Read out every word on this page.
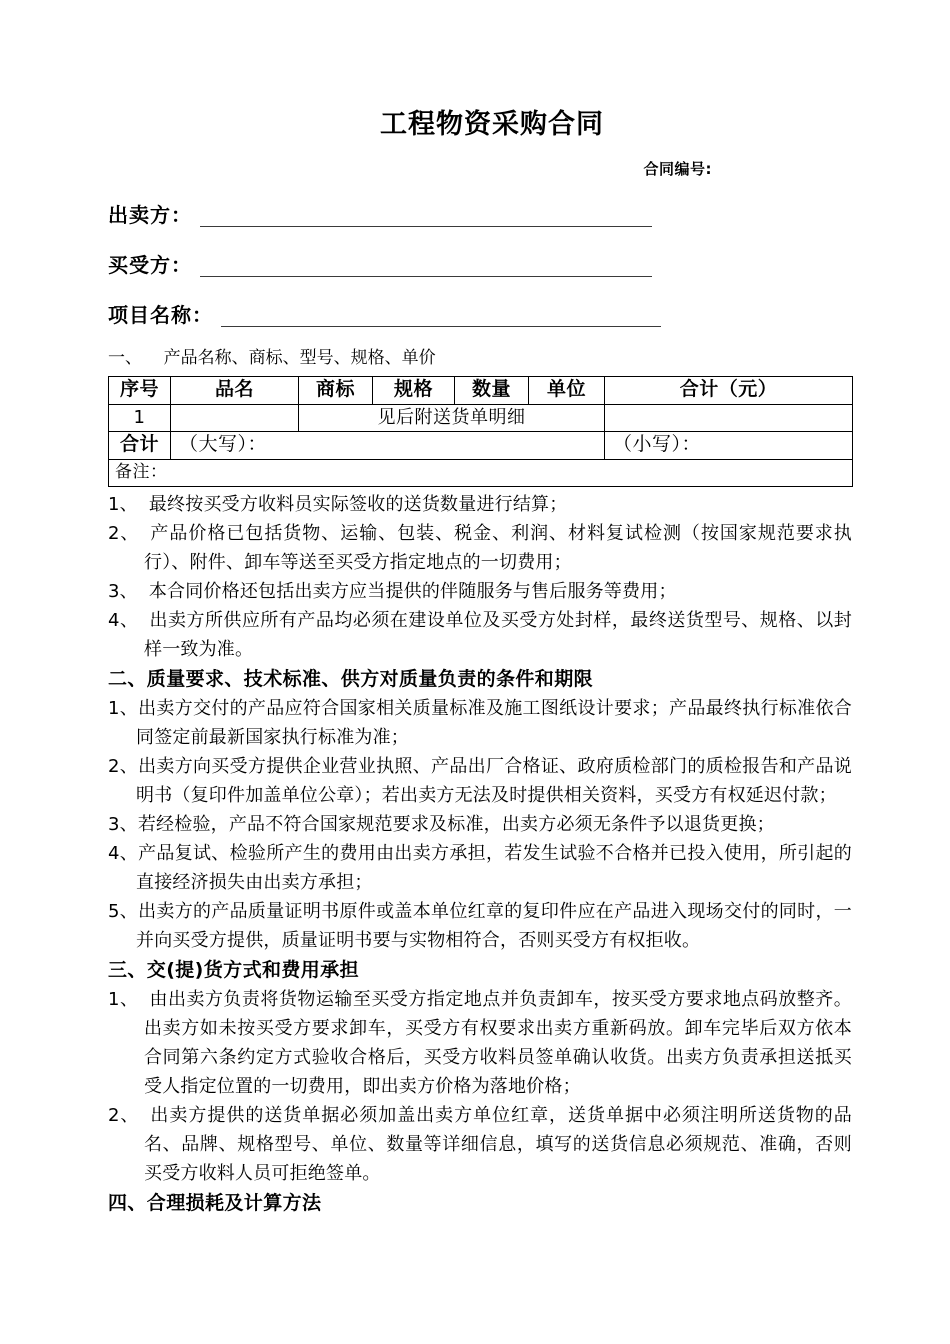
工程物资采购合同
合同编号:
出卖方：
买受方：
项目名称：
一、    产品名称、商标、型号、规格、单价
序号	品名	商标	规格	数量	单位	合计（元）
1		见后附送货单明细				
合计	（大写）：					（小写）：
备注：						

1、 最终按买受方收料员实际签收的送货数量进行结算；

2、 产品价格已包括货物、运输、包装、税金、利润、材料复试检测（按国家规范要求执行）、附件、卸车等送至买受方指定地点的一切费用；

3、 本合同价格还包括出卖方应当提供的伴随服务与售后服务等费用；

4、 出卖方所供应所有产品均必须在建设单位及买受方处封样，最终送货型号、规格、以封样一致为准。

二、质量要求、技术标准、供方对质量负责的条件和期限

1、出卖方交付的产品应符合国家相关质量标准及施工图纸设计要求；产品最终执行标准依合同签定前最新国家执行标准为准；

2、出卖方向买受方提供企业营业执照、产品出厂合格证、政府质检部门的质检报告和产品说明书（复印件加盖单位公章）；若出卖方无法及时提供相关资料，买受方有权延迟付款；

3、若经检验，产品不符合国家规范要求及标准，出卖方必须无条件予以退货更换；

4、产品复试、检验所产生的费用由出卖方承担，若发生试验不合格并已投入使用，所引起的直接经济损失由出卖方承担；

5、出卖方的产品质量证明书原件或盖本单位红章的复印件应在产品进入现场交付的同时，一并向买受方提供，质量证明书要与实物相符合，否则买受方有权拒收。

三、交(提)货方式和费用承担

1、 由出卖方负责将货物运输至买受方指定地点并负责卸车，按买受方要求地点码放整齐。出卖方如未按买受方要求卸车，买受方有权要求出卖方重新码放。卸车完毕后双方依本合同第六条约定方式验收合格后，买受方收料员签单确认收货。出卖方负责承担送抵买受人指定位置的一切费用，即出卖方价格为落地价格；

2、 出卖方提供的送货单据必须加盖出卖方单位红章，送货单据中必须注明所送货物的品名、品牌、规格型号、单位、数量等详细信息，填写的送货信息必须规范、准确，否则买受方收料人员可拒绝签单。

四、合理损耗及计算方法
